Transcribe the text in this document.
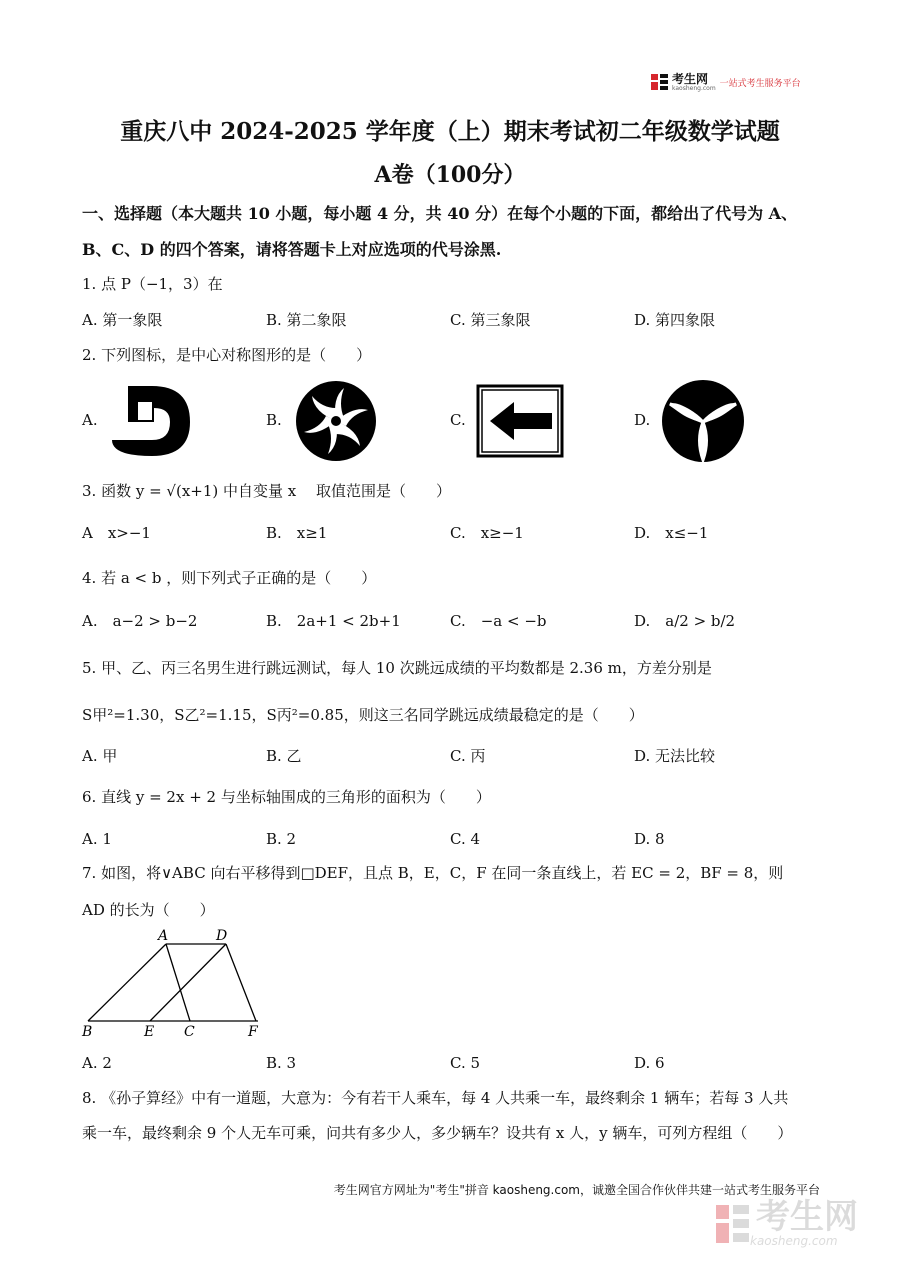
考生网
kaosheng.com 一站式考生服务平台
重庆八中 2024-2025 学年度（上）期末考试初二年级数学试题
A卷（100分）
一、选择题（本大题共 10 小题，每小题 4 分，共 40 分）在每个小题的下面，都给出了代号为 A、B、C、D 的四个答案，请将答题卡上对应选项的代号涂黑.
1. 点 P（−1，3）在
A. 第一象限	B. 第二象限	C. 第三象限	D. 第四象限
2. 下列图标，是中心对称图形的是（　　）
A.	B.	C.	D.
3. 函数 y = √(x+1) 中自变量 x 　取值范围是（　　）
A　x>−1	B.　x≥1	C.　x≥−1	D.　x≤−1
4. 若 a < b ，则下列式子正确的是（　　）
A.　a−2 > b−2	B.　2a+1 < 2b+1	C.　−a < −b	D.　a/2 > b/2
5. 甲、乙、丙三名男生进行跳远测试，每人 10 次跳远成绩的平均数都是 2.36 m，方差分别是
S甲²=1.30，S乙²=1.15，S丙²=0.85，则这三名同学跳远成绩最稳定的是（　　）
A. 甲	B. 乙	C. 丙	D. 无法比较
6. 直线 y = 2x + 2 与坐标轴围成的三角形的面积为（　　）
A. 1	B. 2	C. 4	D. 8
7. 如图，将∨ABC 向右平移得到□DEF，且点 B，E，C，F 在同一条直线上，若 EC = 2，BF = 8，则
AD 的长为（　　）
A	D
B	E C	F
A. 2	B. 3	C. 5	D. 6
8. 《孙子算经》中有一道题，大意为：今有若干人乘车，每 4 人共乘一车，最终剩余 1 辆车；若每 3 人共
乘一车，最终剩余 9 个人无车可乘，问共有多少人，多少辆车？设共有 x 人，y 辆车，可列方程组（　　）
考生网官方网址为"考生"拼音 kaosheng.com，诚邀全国合作伙伴共建一站式考生服务平台
考生网
kaosheng.com
